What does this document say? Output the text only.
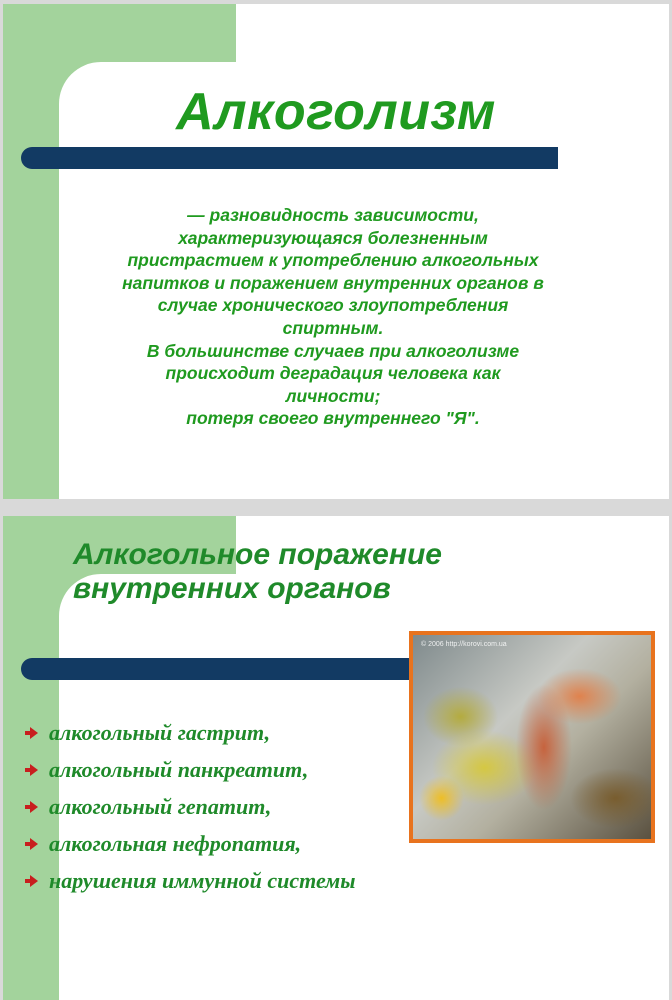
Алкоголизм
— разновидность зависимости,
характеризующаяся болезненным
пристрастием к употреблению алкогольных
напитков и поражением внутренних органов в
случае хронического злоупотребления
спиртным.
В большинстве случаев при алкоголизме
происходит деградация человека как
личности;
потеря своего внутреннего "Я".
Алкогольное поражение
внутренних органов
© 2006 http://korovi.com.ua
алкогольный гастрит,
алкогольный панкреатит,
алкогольный гепатит,
алкогольная нефропатия,
нарушения иммунной системы
